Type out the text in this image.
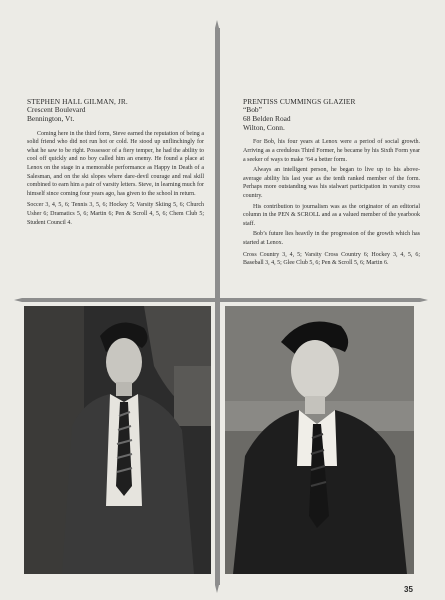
STEPHEN HALL GILMAN, JR.
Crescent Boulevard
Bennington, Vt.

Coming here in the third form, Steve earned the reputation of being a solid friend who did not run hot or cold. He stood up unflinchingly for what he saw to be right. Possessor of a fiery temper, he had the ability to cool off quickly and no boy called him an enemy. He found a place at Lenox on the stage in a memorable performance as Happy in Death of a Salesman, and on the ski slopes where dare-devil courage and real skill combined to earn him a pair of varsity letters. Steve, in learning much for himself since coming four years ago, has given to the school in return.

Soccer 3, 4, 5, 6; Tennis 3, 5, 6; Hockey 5; Varsity Skiing 5, 6; Church Usher 6; Dramatics 5, 6; Martin 6; Pen & Scroll 4, 5, 6; Chem Club 5; Student Council 4.
PRENTISS CUMMINGS GLAZIER
“Bob”
68 Belden Road
Wilton, Conn.

For Bob, his four years at Lenox were a period of social growth. Arriving as a credulous Third Former, he became by his Sixth Form year a seeker of ways to make ’64 a better form.

Always an intelligent person, he began to live up to his above-average ability his last year as the tenth ranked member of the form. Perhaps more outstanding was his stalwart participation in varsity cross country.

His contribution to journalism was as the originator of an editorial column in the PEN & SCROLL and as a valued member of the yearbook staff.

Bob’s future lies heavily in the progression of the growth which has started at Lenox.

Cross Country 3, 4, 5; Varsity Cross Country 6; Hockey 3, 4, 5, 6; Baseball 3, 4, 5; Glee Club 5, 6; Pen & Scroll 5, 6; Martin 6.
35
